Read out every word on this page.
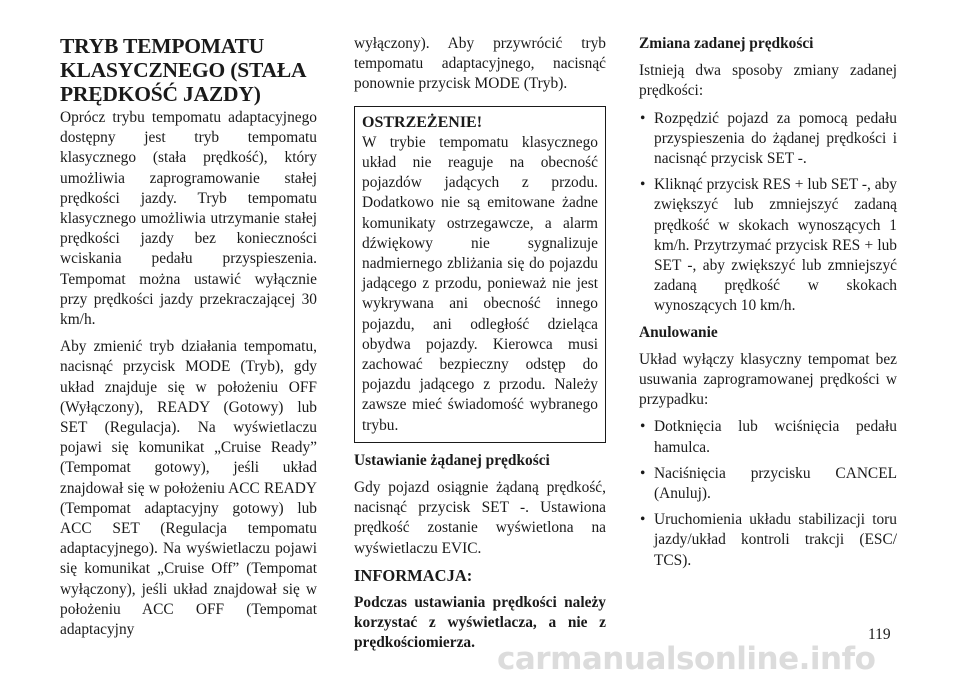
TRYB TEMPOMATU KLASYCZNEGO (STAŁA PRĘDKOŚĆ JAZDY)

Oprócz trybu tempomatu adaptacyjnego dostępny jest tryb tempomatu klasycznego (stała prędkość), który umożliwia zaprogramowanie stałej prędkości jazdy. Tryb tempomatu klasycznego umożliwia utrzymanie stałej prędkości jazdy bez konieczności wciskania pedału przyspieszenia. Tempomat można ustawić wyłącznie przy prędkości jazdy przekraczającej 30 km/h.

Aby zmienić tryb działania tempomatu, nacisnąć przycisk MODE (Tryb), gdy układ znajduje się w położeniu OFF (Wyłączony), READY (Gotowy) lub SET (Regulacja). Na wyświetlaczu pojawi się komunikat „Cruise Ready” (Tempomat gotowy), jeśli układ znajdował się w położeniu ACC READY (Tempomat adaptacyjny gotowy) lub ACC SET (Regulacja tempomatu adaptacyjnego). Na wyświetlaczu pojawi się komunikat „Cruise Off” (Tempomat wyłączony), jeśli układ znajdował się w położeniu ACC OFF (Tempomat adaptacyjny

wyłączony). Aby przywrócić tryb tempomatu adaptacyjnego, nacisnąć ponownie przycisk MODE (Tryb).

OSTRZEŻENIE!

W trybie tempomatu klasycznego układ nie reaguje na obecność pojazdów jadących z przodu. Dodatkowo nie są emitowane żadne komunikaty ostrzegawcze, a alarm dźwiękowy nie sygnalizuje nadmiernego zbliżania się do pojazdu jadącego z przodu, ponieważ nie jest wykrywana ani obecność innego pojazdu, ani odległość dzieląca obydwa pojazdy. Kierowca musi zachować bezpieczny odstęp do pojazdu jadącego z przodu. Należy zawsze mieć świadomość wybranego trybu.

Ustawianie żądanej prędkości

Gdy pojazd osiągnie żądaną prędkość, nacisnąć przycisk SET -. Ustawiona prędkość zostanie wyświetlona na wyświetlaczu EVIC.

INFORMACJA:

Podczas ustawiania prędkości należy korzystać z wyświetlacza, a nie z prędkościomierza.

Zmiana zadanej prędkości

Istnieją dwa sposoby zmiany zadanej prędkości:

• Rozpędzić pojazd za pomocą pedału przyspieszenia do żądanej prędkości i nacisnąć przycisk SET -.
• Kliknąć przycisk RES + lub SET -, aby zwiększyć lub zmniejszyć zadaną prędkość w skokach wynoszących 1 km/h. Przytrzymać przycisk RES + lub SET -, aby zwiększyć lub zmniejszyć zadaną prędkość w skokach wynoszących 10 km/h.

Anulowanie

Układ wyłączy klasyczny tempomat bez usuwania zaprogramowanej prędkości w przypadku:

• Dotknięcia lub wciśnięcia pedału hamulca.
• Naciśnięcia przycisku CANCEL (Anuluj).
• Uruchomienia układu stabilizacji toru jazdy/układ kontroli trakcji (ESC/ TCS).
119
carmanualsonline.info
